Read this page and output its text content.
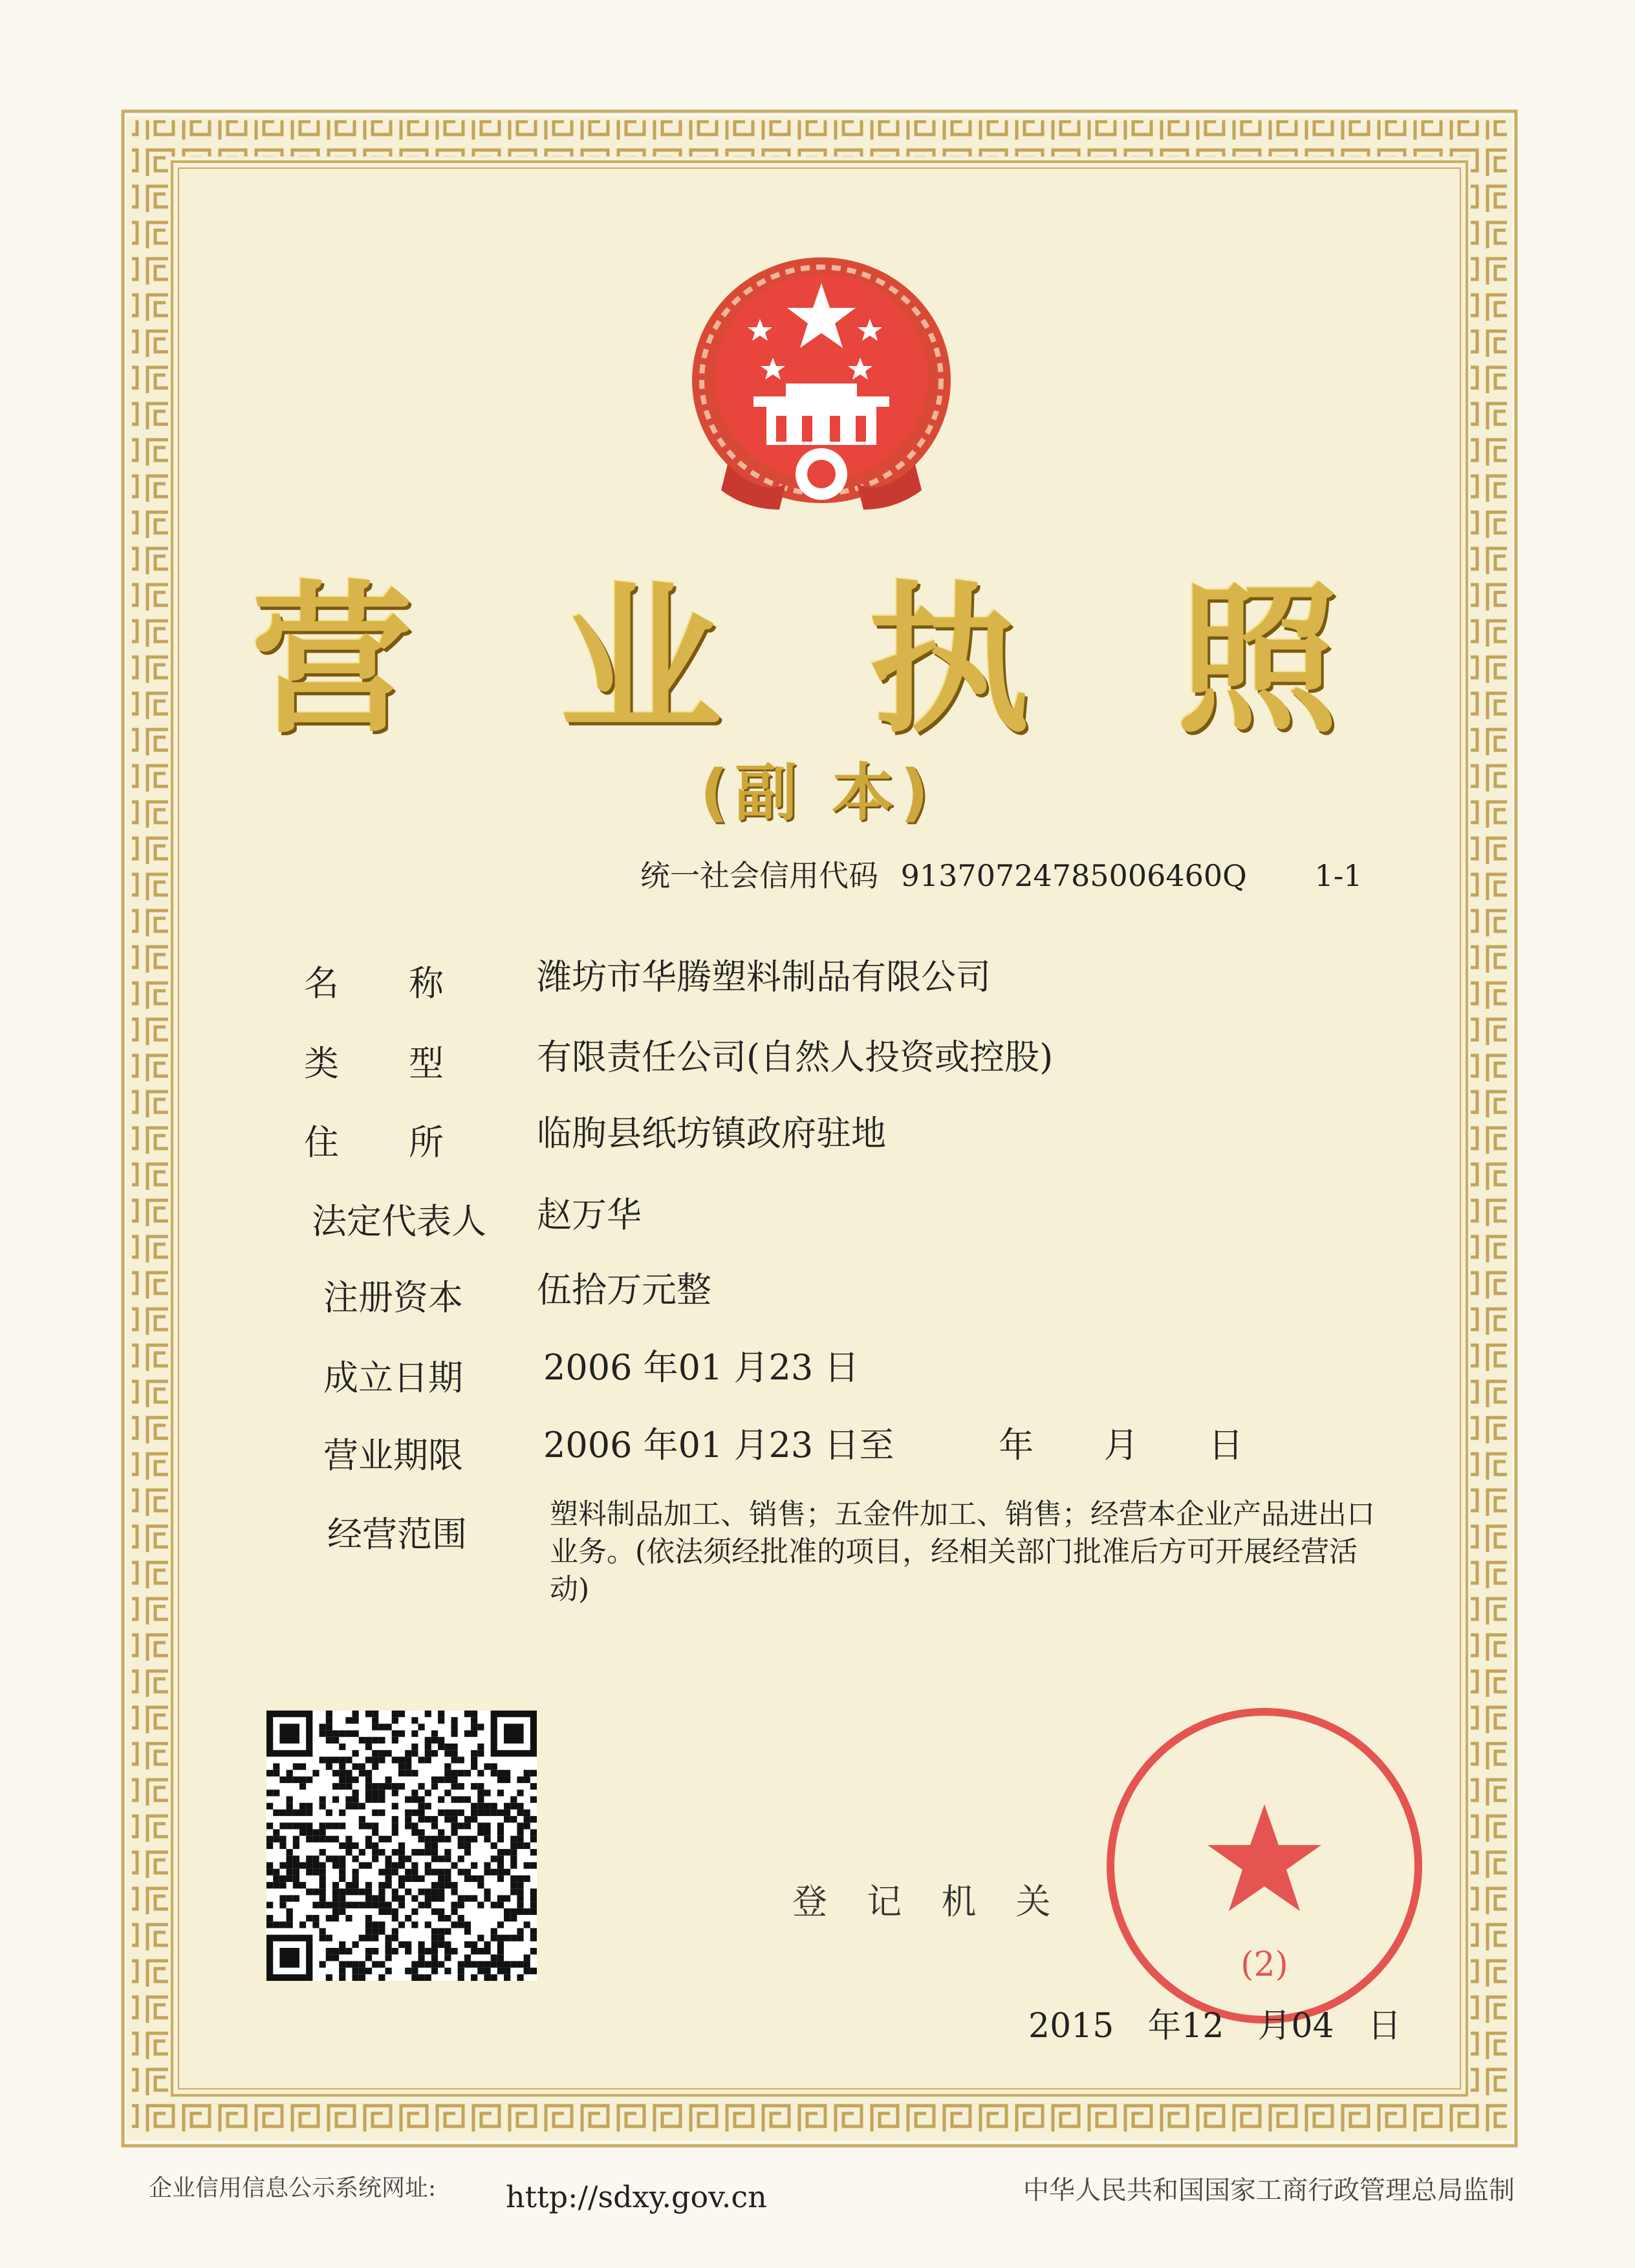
营 业 执 照
(副 本)
统一社会信用代码 91370724785006460Q 1-1
名　　称	潍坊市华腾塑料制品有限公司
类　　型	有限责任公司(自然人投资或控股)
住　　所	临朐县纸坊镇政府驻地
法定代表人	赵万华
注册资本	伍拾万元整
成立日期	2006 年01 月23 日
营业期限	2006 年01 月23 日至　　　年　　月　　日
经营范围	塑料制品加工、销售；五金件加工、销售；经营本企业产品进出口业务。(依法须经批准的项目，经相关部门批准后方可开展经营活动)
登 记 机 关
(2)
2015　年12　月04　日
企业信用信息公示系统网址: http://sdxy.gov.cn	中华人民共和国国家工商行政管理总局监制
